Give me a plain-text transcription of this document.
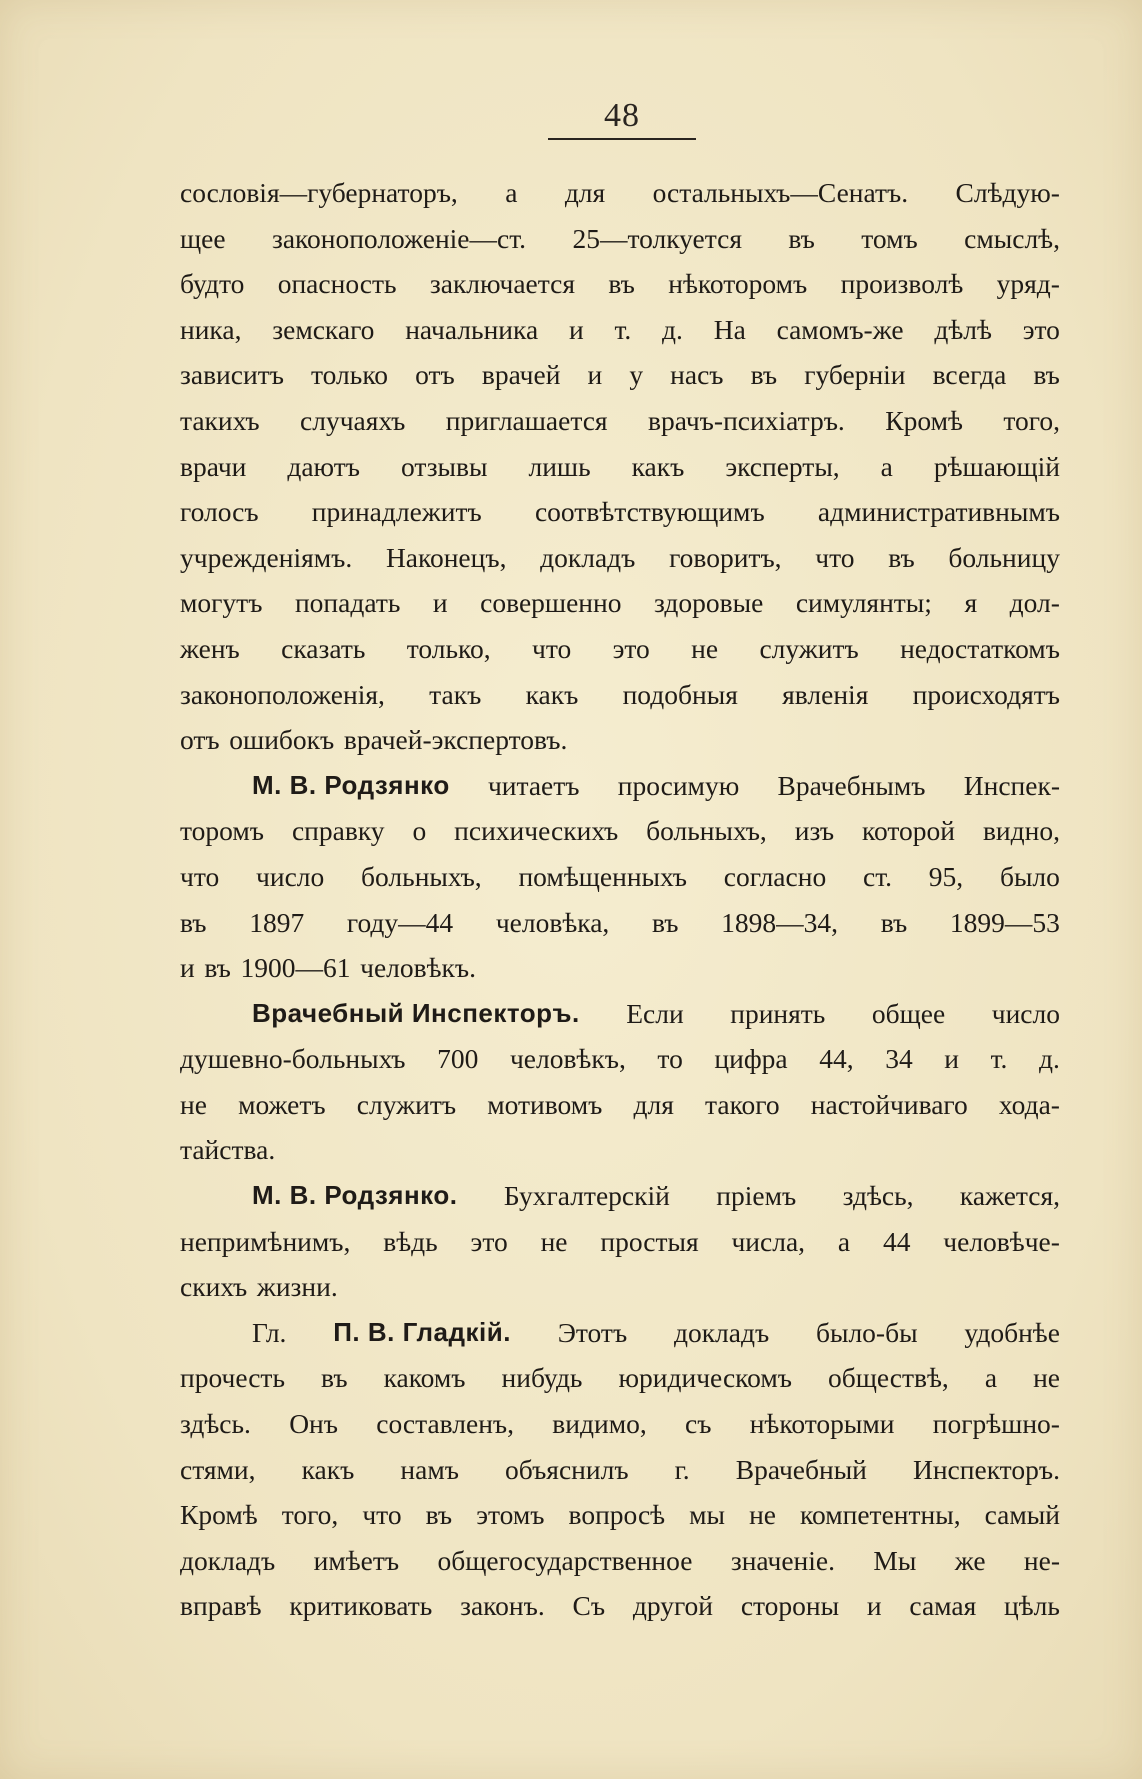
48
сословія—губернаторъ, а для остальныхъ—Сенатъ. Слѣдую-
щее законоположеніе—ст. 25—толкуется въ томъ смыслѣ,
будто опасность заключается въ нѣкоторомъ произволѣ уряд-
ника, земскаго начальника и т. д. На самомъ-же дѣлѣ это
зависитъ только отъ врачей и у насъ въ губерніи всегда въ
такихъ случаяхъ приглашается врачъ-психіатръ. Кромѣ того,
врачи даютъ отзывы лишь какъ эксперты, а рѣшающій
голосъ принадлежитъ соотвѣтствующимъ административнымъ
учрежденіямъ. Наконецъ, докладъ говоритъ, что въ больницу
могутъ попадать и совершенно здоровые симулянты; я дол-
женъ сказать только, что это не служитъ недостаткомъ
законоположенія, такъ какъ подобныя явленія происходятъ
отъ ошибокъ врачей-экспертовъ.
М. В. Родзянко читаетъ просимую Врачебнымъ Инспек-
торомъ справку о психическихъ больныхъ, изъ которой видно,
что число больныхъ, помѣщенныхъ согласно ст. 95, было
въ 1897 году—44 человѣка, въ 1898—34, въ 1899—53
и въ 1900—61 человѣкъ.
Врачебный Инспекторъ. Если принять общее число
душевно-больныхъ 700 человѣкъ, то цифра 44, 34 и т. д.
не можетъ служитъ мотивомъ для такого настойчиваго хода-
тайства.
М. В. Родзянко. Бухгалтерскій пріемъ здѣсь, кажется,
непримѣнимъ, вѣдь это не простыя числа, а 44 человѣче-
скихъ жизни.
Гл. П. В. Гладкій. Этотъ докладъ было-бы удобнѣе
прочесть въ какомъ нибудь юридическомъ обществѣ, а не
здѣсь. Онъ составленъ, видимо, съ нѣкоторыми погрѣшно-
стями, какъ намъ объяснилъ г. Врачебный Инспекторъ.
Кромѣ того, что въ этомъ вопросѣ мы не компетентны, самый
докладъ имѣетъ общегосударственное значеніе. Мы же не-
вправѣ критиковать законъ. Съ другой стороны и самая цѣль
